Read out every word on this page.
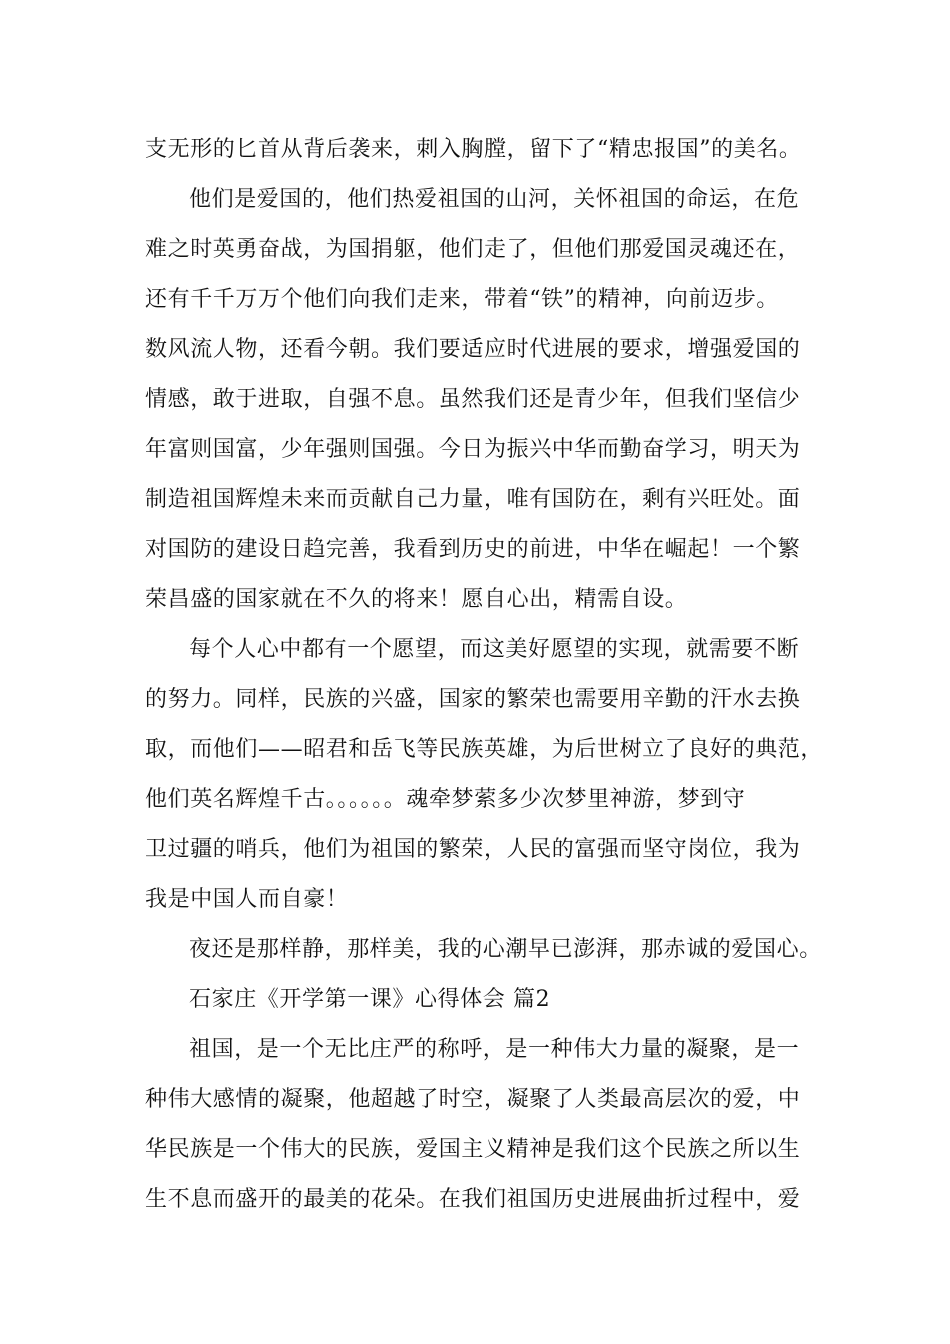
支无形的匕首从背后袭来，刺入胸膛，留下了“精忠报国”的美名。
他们是爱国的，他们热爱祖国的山河，关怀祖国的命运，在危
难之时英勇奋战，为国捐躯，他们走了，但他们那爱国灵魂还在，
还有千千万万个他们向我们走来，带着“铁”的精神，向前迈步。
数风流人物，还看今朝。我们要适应时代进展的要求，增强爱国的
情感，敢于进取，自强不息。虽然我们还是青少年，但我们坚信少
年富则国富，少年强则国强。今日为振兴中华而勤奋学习，明天为
制造祖国辉煌未来而贡献自己力量，唯有国防在，剩有兴旺处。面
对国防的建设日趋完善，我看到历史的前进，中华在崛起！一个繁
荣昌盛的国家就在不久的将来！愿自心出，精需自设。
每个人心中都有一个愿望，而这美好愿望的实现，就需要不断
的努力。同样，民族的兴盛，国家的繁荣也需要用辛勤的汗水去换
取，而他们——昭君和岳飞等民族英雄，为后世树立了良好的典范，
他们英名辉煌千古。。。。。。魂牵梦萦多少次梦里神游，梦到守
卫过疆的哨兵，他们为祖国的繁荣，人民的富强而坚守岗位，我为
我是中国人而自豪！
夜还是那样静，那样美，我的心潮早已澎湃，那赤诚的爱国心。
石家庄《开学第一课》心得体会 篇2
祖国，是一个无比庄严的称呼，是一种伟大力量的凝聚，是一
种伟大感情的凝聚，他超越了时空，凝聚了人类最高层次的爱，中
华民族是一个伟大的民族，爱国主义精神是我们这个民族之所以生
生不息而盛开的最美的花朵。在我们祖国历史进展曲折过程中，爱
